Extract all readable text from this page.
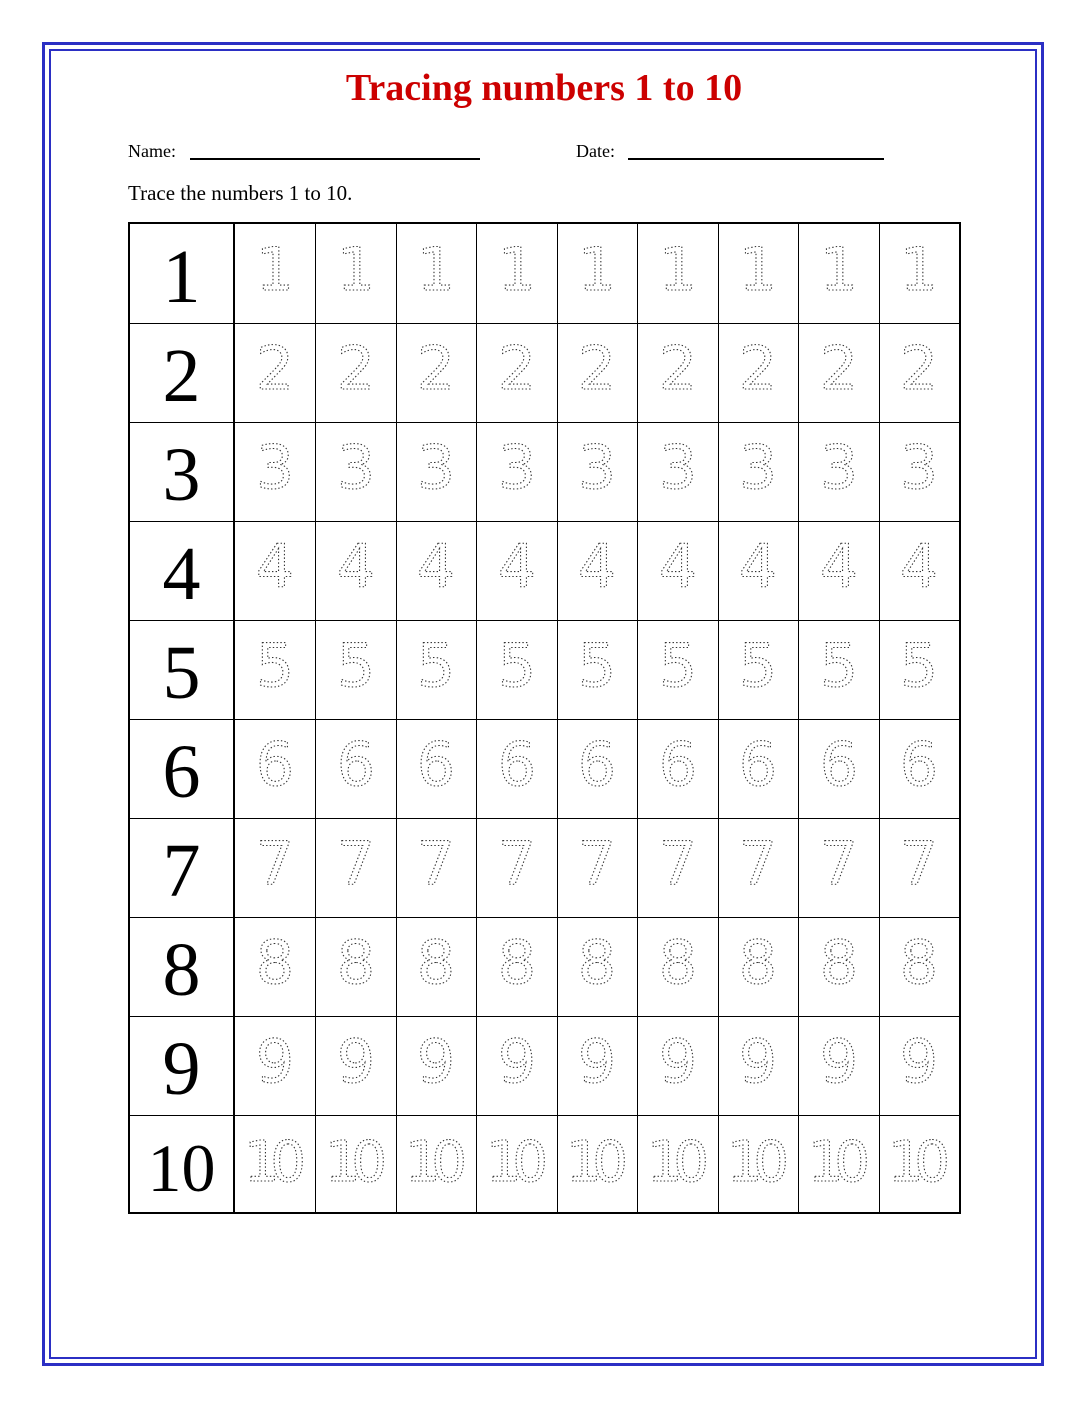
Tracing numbers 1 to 10
Name:	Date:
Trace the numbers 1 to 10.
1 1 1 1 1 1 1 1 1 1
2 2 2 2 2 2 2 2 2 2
3 3 3 3 3 3 3 3 3 3
4 4 4 4 4 4 4 4 4 4
5 5 5 5 5 5 5 5 5 5
6 6 6 6 6 6 6 6 6 6
7 7 7 7 7 7 7 7 7 7
8 8 8 8 8 8 8 8 8 8
9 9 9 9 9 9 9 9 9 9
10 10 10 10 10 10 10 10 10 10
